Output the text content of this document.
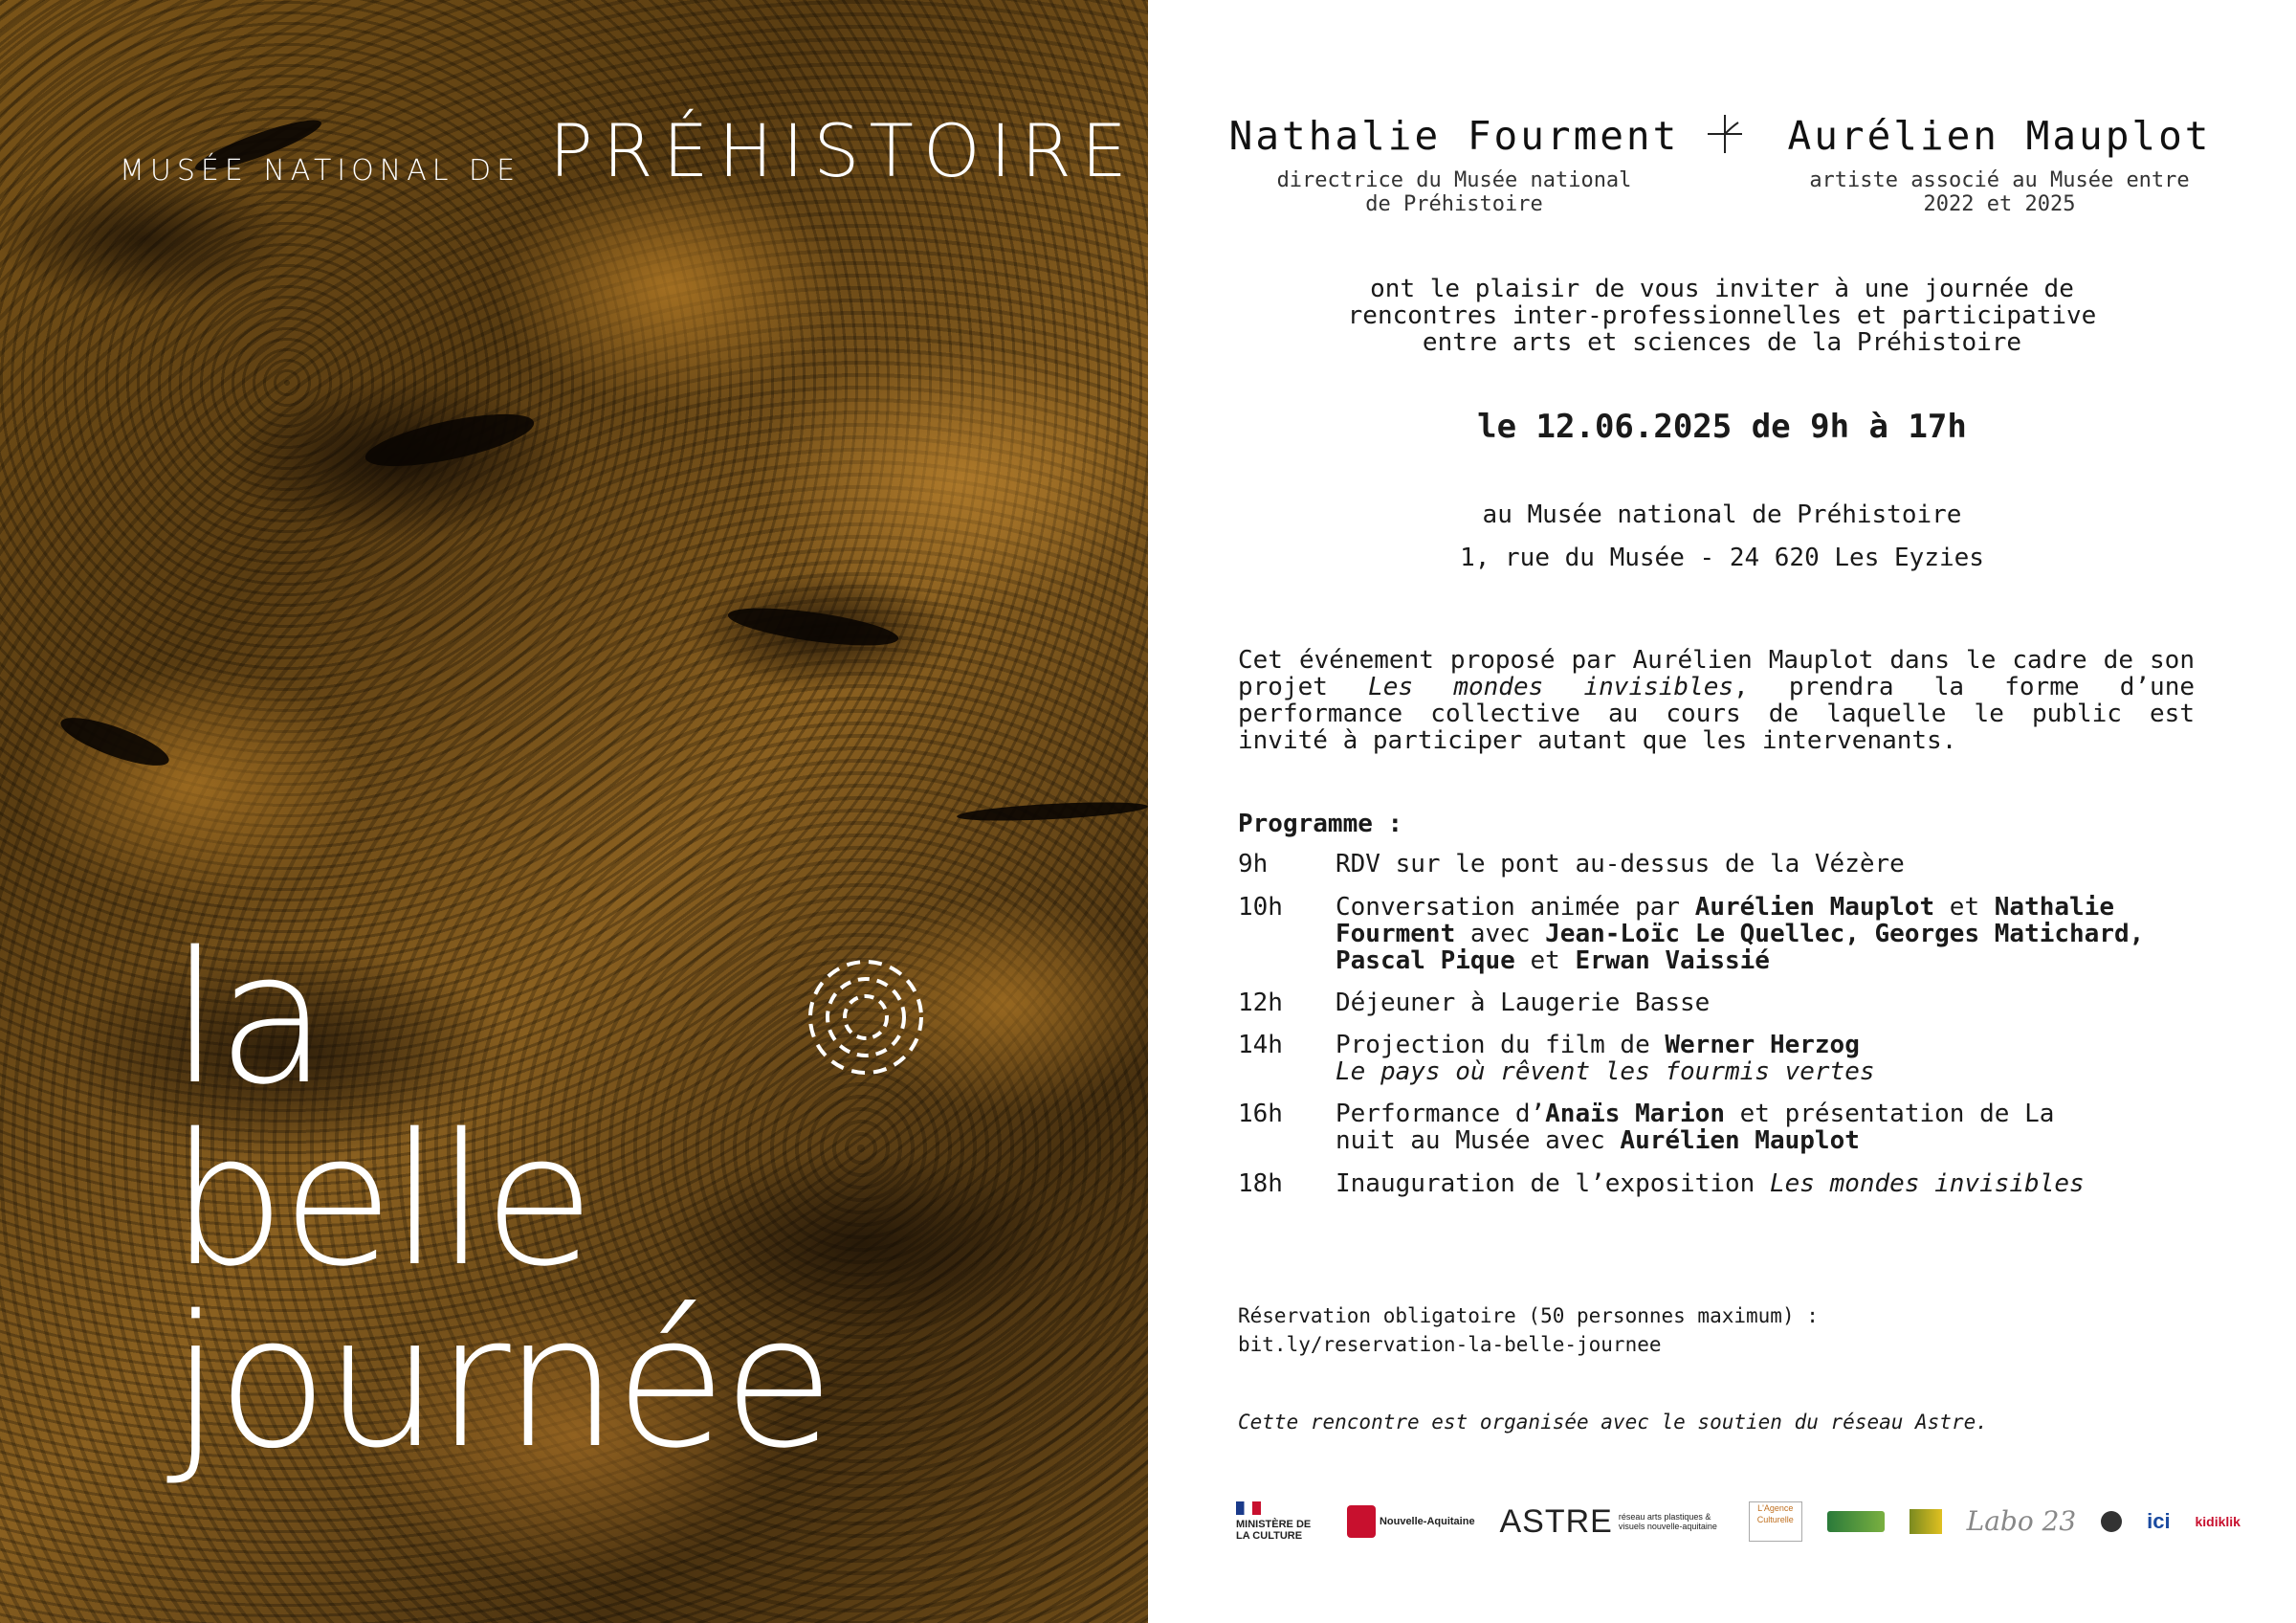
MUSÉE NATIONAL DE PRÉHISTOIRE
la
belle
journée
Nathalie Fourment
directrice du Musée national
de Préhistoire
Aurélien Mauplot
artiste associé au Musée entre
2022 et 2025
ont le plaisir de vous inviter à une journée de
rencontres inter-professionnelles et participative
entre arts et sciences de la Préhistoire
le 12.06.2025 de 9h à 17h
au Musée national de Préhistoire
1, rue du Musée - 24 620 Les Eyzies
Cet événement proposé par Aurélien Mauplot dans le cadre de son projet Les mondes invisibles, prendra la forme d’une performance collective au cours de laquelle le public est invité à participer autant que les intervenants.
Programme :
9h	RDV sur le pont au-dessus de la Vézère
10h	Conversation animée par Aurélien Mauplot et Nathalie Fourment avec Jean-Loïc Le Quellec, Georges Matichard, Pascal Pique et Erwan Vaissié
12h	Déjeuner à Laugerie Basse
14h	Projection du film de Werner Herzog
Le pays où rêvent les fourmis vertes
16h	Performance d’Anaïs Marion et présentation de La nuit au Musée avec Aurélien Mauplot
18h	Inauguration de l’exposition Les mondes invisibles
Réservation obligatoire (50 personnes maximum) :
bit.ly/reservation-la-belle-journee
Cette rencontre est organisée avec le soutien du réseau Astre.
MINISTÈRE DE LA CULTURE
Nouvelle-Aquitaine ASTRE réseau arts plastiques & visuels nouvelle-aquitaine
L'Agence Culturelle	Labo 23	ici kidiklik
